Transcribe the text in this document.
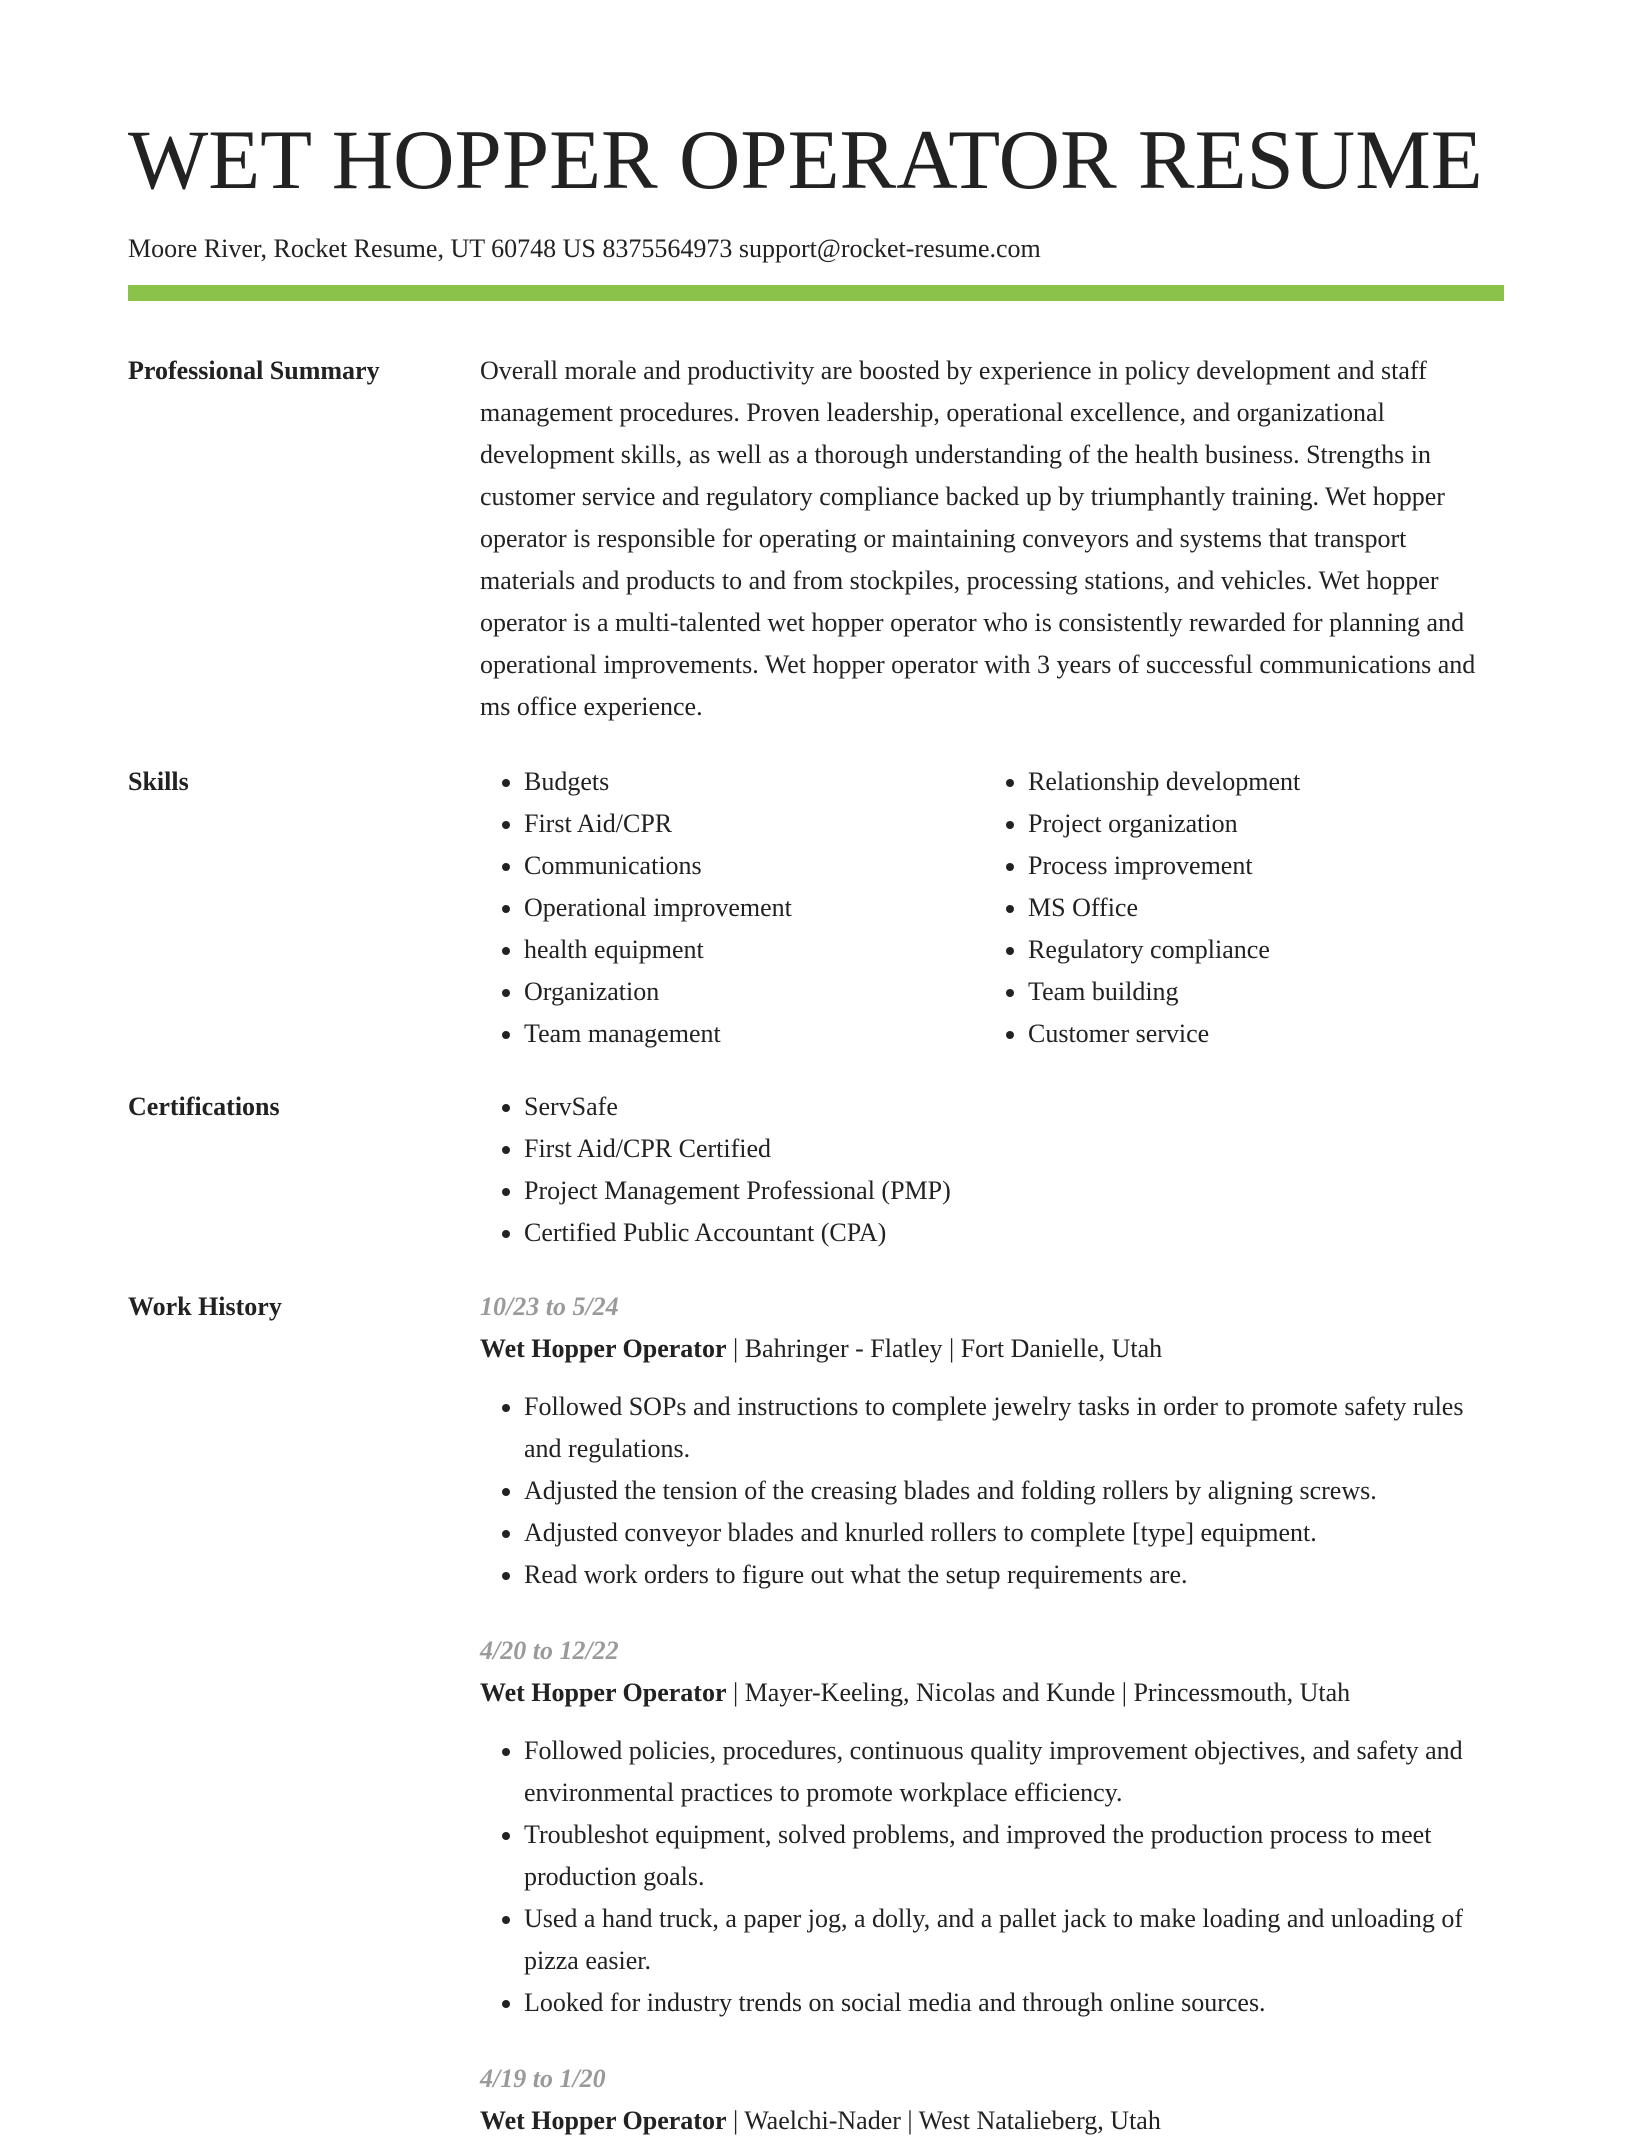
WET HOPPER OPERATOR RESUME
Moore River, Rocket Resume, UT 60748 US 8375564973 support@rocket-resume.com
Professional Summary	Overall morale and productivity are boosted by experience in policy development and staff management procedures. Proven leadership, operational excellence, and organizational development skills, as well as a thorough understanding of the health business. Strengths in customer service and regulatory compliance backed up by triumphantly training. Wet hopper operator is responsible for operating or maintaining conveyors and systems that transport materials and products to and from stockpiles, processing stations, and vehicles. Wet hopper operator is a multi-talented wet hopper operator who is consistently rewarded for planning and operational improvements. Wet hopper operator with 3 years of successful communications and ms office experience.

Skills	• Budgets
• First Aid/CPR
• Communications
• Operational improvement
• health equipment
• Organization
• Team management
• Relationship development
• Project organization
• Process improvement
• MS Office
• Regulatory compliance
• Team building
• Customer service
Certifications	• ServSafe
• First Aid/CPR Certified
• Project Management Professional (PMP)
• Certified Public Accountant (CPA)
Work History	10/23 to 5/24
Wet Hopper Operator | Bahringer - Flatley | Fort Danielle, Utah
• Followed SOPs and instructions to complete jewelry tasks in order to promote safety rules and regulations.
• Adjusted the tension of the creasing blades and folding rollers by aligning screws.
• Adjusted conveyor blades and knurled rollers to complete [type] equipment.
• Read work orders to figure out what the setup requirements are.
4/20 to 12/22
Wet Hopper Operator | Mayer-Keeling, Nicolas and Kunde | Princessmouth, Utah
• Followed policies, procedures, continuous quality improvement objectives, and safety and environmental practices to promote workplace efficiency.
• Troubleshot equipment, solved problems, and improved the production process to meet production goals.
• Used a hand truck, a paper jog, a dolly, and a pallet jack to make loading and unloading of pizza easier.
• Looked for industry trends on social media and through online sources.
4/19 to 1/20
Wet Hopper Operator | Waelchi-Nader | West Natalieberg, Utah
